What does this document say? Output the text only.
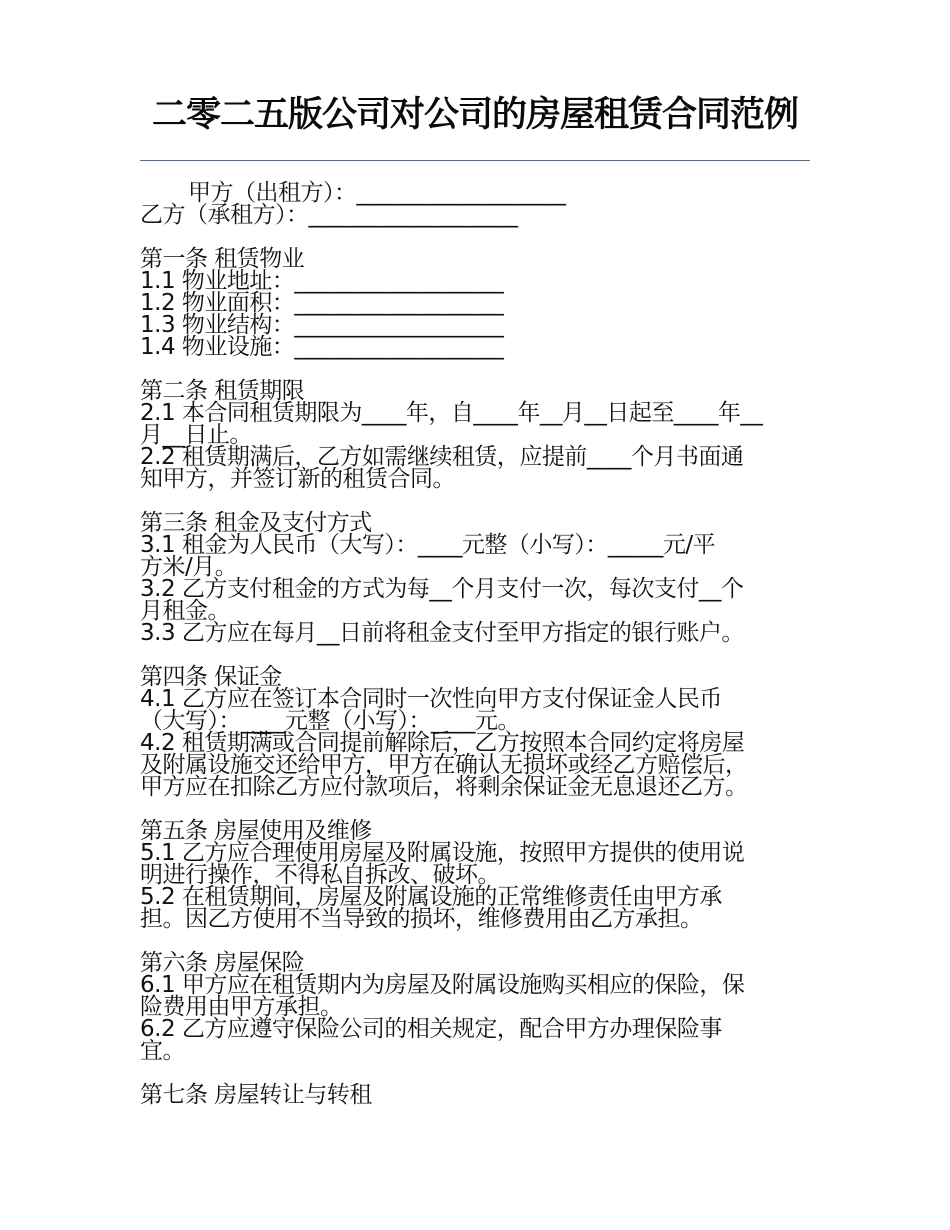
二零二五版公司对公司的房屋租赁合同范例
甲方（出租方）：___________________
乙方（承租方）：___________________
第一条 租赁物业
1.1 物业地址：___________________
1.2 物业面积：___________________
1.3 物业结构：___________________
1.4 物业设施：___________________
第二条 租赁期限
2.1 本合同租赁期限为____年，自____年__月__日起至____年__
月__日止。
2.2 租赁期满后，乙方如需继续租赁，应提前____个月书面通
知甲方，并签订新的租赁合同。
第三条 租金及支付方式
3.1 租金为人民币（大写）：____元整（小写）：_____元/平
方米/月。
3.2 乙方支付租金的方式为每__个月支付一次，每次支付__个
月租金。
3.3 乙方应在每月__日前将租金支付至甲方指定的银行账户。
第四条 保证金
4.1 乙方应在签订本合同时一次性向甲方支付保证金人民币
（大写）：____元整（小写）：____元。
4.2 租赁期满或合同提前解除后，乙方按照本合同约定将房屋
及附属设施交还给甲方，甲方在确认无损坏或经乙方赔偿后，
甲方应在扣除乙方应付款项后，将剩余保证金无息退还乙方。
第五条 房屋使用及维修
5.1 乙方应合理使用房屋及附属设施，按照甲方提供的使用说
明进行操作，不得私自拆改、破坏。
5.2 在租赁期间，房屋及附属设施的正常维修责任由甲方承
担。因乙方使用不当导致的损坏，维修费用由乙方承担。
第六条 房屋保险
6.1 甲方应在租赁期内为房屋及附属设施购买相应的保险，保
险费用由甲方承担。
6.2 乙方应遵守保险公司的相关规定，配合甲方办理保险事
宜。
第七条 房屋转让与转租
